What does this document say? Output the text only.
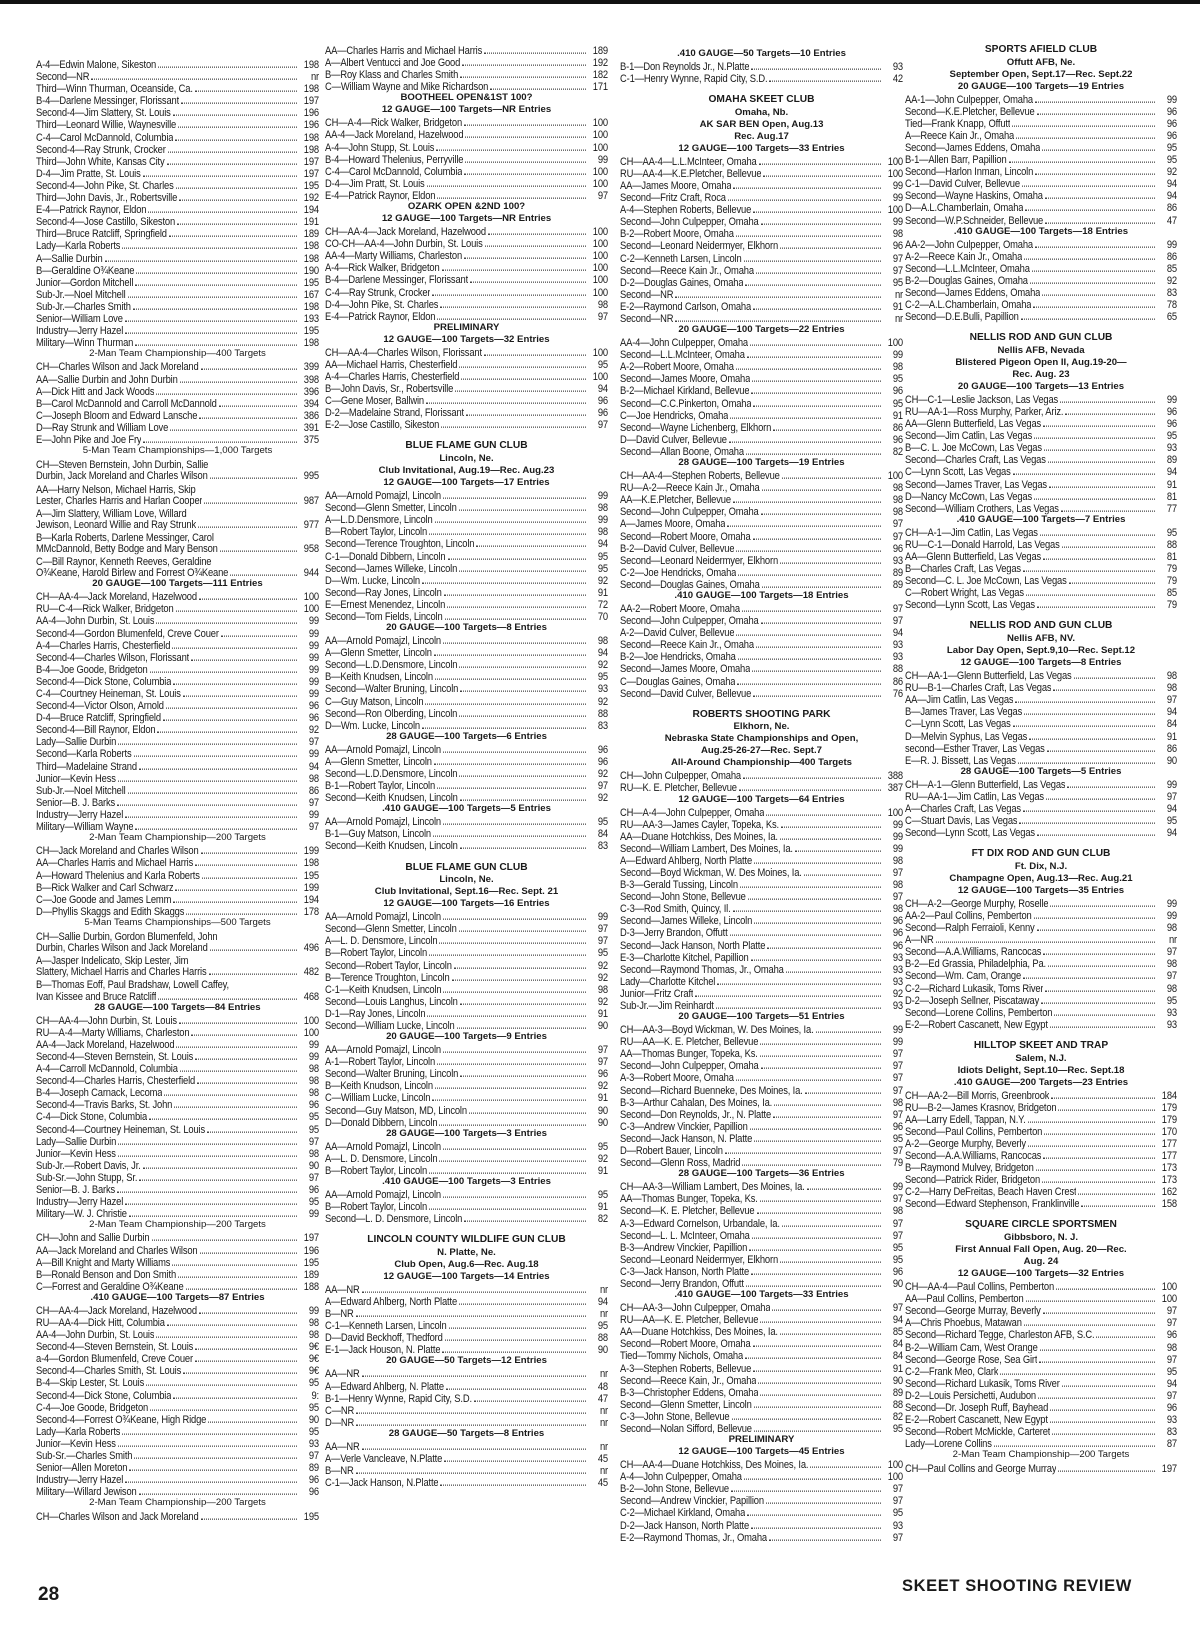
A-4—Edwin Malone, Sikeston	198
Second—NR	nr
Third—Winn Thurman, Oceanside, Ca.	198
B-4—Darlene Messinger, Florissant	197
Second-4—Jim Slattery, St. Louis	196
Third—Leonard Willie, Waynesville	196
C-4—Carol McDannold, Columbia	198
Second-4—Ray Strunk, Crocker	198
Third—John White, Kansas City	197
D-4—Jim Pratte, St. Louis	197
Second-4—John Pike, St. Charles	195
Third—John Davis, Jr., Robertsville	192
E-4—Patrick Raynor, Eldon	194
Second-4—Jose Castillo, Sikeston	191
Third—Bruce Ratcliff, Springfield	189
Lady—Karla Roberts	198
A—Sallie Durbin	198
B—Geraldine O¾Keane	190
Junior—Gordon Mitchell	195
Sub-Jr.—Noel Mitchell	167
Sub-Jr.—Charles Smith	198
Senior—William Love	193
Industry—Jerry Hazel	195
Military—Winn Thurman	198
2-Man Team Championship—400 Targets
CH—Charles Wilson and Jack Moreland	399
AA—Sallie Durbin and John Durbin	398
A—Dick Hitt and Jack Woods	396
B—Carol McDannold and Carroll McDannold	394
C—Joseph Bloom and Edward Lansche	386
D—Ray Strunk and William Love	391
E—John Pike and Joe Fry	375
5-Man Team Championships—1,000 Targets
CH—Steven Bernstein, John Durbin, Sallie
Durbin, Jack Moreland and Charles Wilson	995
AA—Harry Nelson, Michael Harris, Skip
Lester, Charles Harris and Harlan Cooper	987
A—Jim Slattery, William Love, Willard
Jewison, Leonard Willie and Ray Strunk	977
B—Karla Roberts, Darlene Messinger, Carol
MMcDannold, Betty Bodge and Mary Benson	958
C—Bill Raynor, Kenneth Reeves, Geraldine
O¾Keane, Harold Birlew and Forrest O¾Keane	944
20 GAUGE—100 Targets—111 Entries
CH—AA-4—Jack Moreland, Hazelwood	100
RU—C-4—Rick Walker, Bridgeton	100
AA-4—John Durbin, St. Louis	99
Second-4—Gordon Blumenfeld, Creve Couer	99
A-4—Charles Harris, Chesterfield	99
Second-4—Charles Wilson, Florissant	99
B-4—Joe Goode, Bridgeton	99
Second-4—Dick Stone, Columbia	99
C-4—Courtney Heineman, St. Louis	99
Second-4—Victor Olson, Arnold	96
D-4—Bruce Ratcliff, Springfield	96
Second-4—Bill Raynor, Eldon	92
Lady—Sallie Durbin	97
Second—Karla Roberts	99
Third—Madelaine Strand	94
Junior—Kevin Hess	98
Sub-Jr.—Noel Mitchell	86
Senior—B. J. Barks	97
Industry—Jerry Hazel	99
Military—William Wayne	97
2-Man Team Championship—200 Targets
CH—Jack Moreland and Charles Wilson	199
AA—Charles Harris and Michael Harris	198
A—Howard Thelenius and Karla Roberts	195
B—Rick Walker and Carl Schwarz	199
C—Joe Goode and James Lemm	194
D—Phyllis Skaggs and Edith Skaggs	178
5-Man Teams Championships—500 Targets
CH—Sallie Durbin, Gordon Blumenfeld, John
Durbin, Charles Wilson and Jack Moreland	496
A—Jasper Indelicato, Skip Lester, Jim
Slattery, Michael Harris and Charles Harris	482
B—Thomas Eoff, Paul Bradshaw, Lowell Caffey,
Ivan Kissee and Bruce Ratcliff	468
28 GAUGE—100 Targets—84 Entries
CH—AA-4—John Durbin, St. Louis	100
RU—A-4—Marty Williams, Charleston	100
AA-4—Jack Moreland, Hazelwood	99
Second-4—Steven Bernstein, St. Louis	99
A-4—Carroll McDannold, Columbia	98
Second-4—Charles Harris, Chesterfield	98
B-4—Joseph Carnack, Lecoma	98
Second-4—Travis Barks, St. John	96
C-4—Dick Stone, Columbia	95
Second-4—Courtney Heineman, St. Louis	95
Lady—Sallie Durbin	97
Junior—Kevin Hess	98
Sub-Jr.—Robert Davis, Jr.	90
Sub-Sr.—John Stupp, Sr.	97
Senior—B. J. Barks	96
Industry—Jerry Hazel	95
Military—W. J. Christie	99
2-Man Team Championship—200 Targets
CH—John and Sallie Durbin	197
AA—Jack Moreland and Charles Wilson	196
A—Bill Knight and Marty Williams	195
B—Ronald Benson and Don Smith	189
C—Forrest and Geraldine O¾Keane	188
.410 GAUGE—100 Targets—87 Entries
CH—AA-4—Jack Moreland, Hazelwood	99
RU—AA-4—Dick Hitt, Columbia	98
AA-4—John Durbin, St. Louis	98
Second-4—Steven Bernstein, St. Louis	9€
a-4—Gordon Blumenfeld, Creve Couer	9€
Second-4—Charles Smith, St. Louis	9€
B-4—Skip Lester, St. Louis	95
Second-4—Dick Stone, Columbia	9:
C-4—Joe Goode, Bridgeton	95
Second-4—Forrest O¾Keane, High Ridge	90
Lady—Karla Roberts	95
Junior—Kevin Hess	93
Sub-Sr.—Charles Smith	97
Senior—Allen Moreton	89
Industry—Jerry Hazel	96
Military—Willard Jewison	96
2-Man Team Championship—200 Targets
CH—Charles Wilson and Jack Moreland	195
AA—Charles Harris and Michael Harris	189
A—Albert Ventucci and Joe Good	192
B—Roy Klass and Charles Smith	182
C—William Wayne and Mike Richardson	171
BOOTHEEL OPEN&1ST 100?
12 GAUGE—100 Targets—NR Entries
CH—A-4—Rick Walker, Bridgeton	100
AA-4—Jack Moreland, Hazelwood	100
A-4—John Stupp, St. Louis	100
B-4—Howard Thelenius, Perryville	99
C-4—Carol McDannold, Columbia	100
D-4—Jim Pratt, St. Louis	100
E-4—Patrick Raynor, Eldon	97
OZARK OPEN &2ND 100?
12 GAUGE—100 Targets—NR Entries
CH—AA-4—Jack Moreland, Hazelwood	100
CO-CH—AA-4—John Durbin, St. Louis	100
AA-4—Marty Williams, Charleston	100
A-4—Rick Walker, Bridgeton	100
B-4—Darlene Messinger, Florissant	100
C-4—Ray Strunk, Crocker	100
D-4—John Pike, St. Charles	98
E-4—Patrick Raynor, Eldon	97
PRELIMINARY
12 GAUGE—100 Targets—32 Entries
CH—AA-4—Charles Wilson, Florissant	100
AA—Michael Harris, Chesterfield	95
A-4—Charles Harris, Chesterfield	100
B—John Davis, Sr., Robertsville	94
C—Gene Moser, Ballwin	96
D-2—Madelaine Strand, Florissant	96
E-2—Jose Castillo, Sikeston	97
BLUE FLAME GUN CLUB
Lincoln, Ne.
Club Invitational, Aug.19—Rec. Aug.23
12 GAUGE—100 Targets—17 Entries
AA—Arnold Pomajzl, Lincoln	99
Second—Glenn Smetter, Lincoln	98
A—L.D.Densmore, Lincoln	99
B—Robert Taylor, Lincoln	98
Second—Terence Troughton, Lincoln	94
C-1—Donald Dibbern, Lincoln	95
Second—James Willeke, Lincoln	95
D—Wm. Lucke, Lincoln	92
Second—Ray Jones, Lincoln	91
E—Ernest Menendez, Lincoln	72
Second—Tom Fields, Lincoln	70
20 GAUGE—100 Targets—8 Entries
AA—Arnold Pomajzl, Lincoln	98
A—Glenn Smetter, Lincoln	94
Second—L.D.Densmore, Lincoln	92
B—Keith Knudsen, Lincoln	95
Second—Walter Bruning, Lincoln	93
C—Guy Matson, Lincoln	92
Second—Ron Olberding, Lincoln	88
D—Wm. Lucke, Lincoln	83
28 GAUGE—100 Targets—6 Entries
AA—Arnold Pomajzl, Lincoln	96
A—Glenn Smetter, Lincoln	96
Second—L.D.Densmore, Lincoln	92
B-1—Robert Taylor, Lincoln	97
Second—Keith Knudsen, Lincoln	92
.410 GAUGE—100 Targets—5 Entries
AA—Arnold Pomajzl, Lincoln	95
B-1—Guy Matson, Lincoln	84
Second—Keith Knudsen, Lincoln	83
BLUE FLAME GUN CLUB
Lincoln, Ne.
Club Invitational, Sept.16—Rec. Sept. 21
12 GAUGE—100 Targets—16 Entries
AA—Arnold Pomajzl, Lincoln	99
Second—Glenn Smetter, Lincoln	97
A—L. D. Densmore, Lincoln	97
B—Robert Taylor, Lincoln	95
Second—Robert Taylor, Lincoln	92
B—Terence Troughton, Lincoln	92
C-1—Keith Knudsen, Lincoln	98
Second—Louis Langhus, Lincoln	92
D-1—Ray Jones, Lincoln	91
Second—William Lucke, Lincoln	90
20 GAUGE—100 Targets—9 Entries
AA—Arnold Pomajzl, Lincoln	97
A-1—Robert Taylor, Lincoln	97
Second—Walter Bruning, Lincoln	96
B—Keith Knudson, Lincoln	92
C—William Lucke, Lincoln	91
Second—Guy Matson, MD, Lincoln	90
D—Donald Dibbern, Lincoln	90
28 GAUGE—100 Targets—3 Entries
AA—Arnold Pomajzl, Lincoln	95
A—L. D. Densmore, Lincoln	92
B—Robert Taylor, Lincoln	91
.410 GAUGE—100 Targets—3 Entries
AA—Arnold Pomajzl, Lincoln	95
B—Robert Taylor, Lincoln	91
Second—L. D. Densmore, Lincoln	82
LINCOLN COUNTY WILDLIFE GUN CLUB
N. Platte, Ne.
Club Open, Aug.6—Rec. Aug.18
12 GAUGE—100 Targets—14 Entries
AA—NR	nr
A—Edward Ahlberg, North Platte	94
B—NR	nr
C-1—Kenneth Larsen, Lincoln	95
D—David Beckhoff, Thedford	88
E-1—Jack Houson, N. Platte	90
20 GAUGE—50 Targets—12 Entries
AA—NR	nr
A—Edward Ahlberg, N. Platte	48
B-1—Henry Wynne, Rapid City, S.D.	47
C—NR	nr
D—NR	nr
28 GAUGE—50 Targets—8 Entries
AA—NR	nr
A—Verle Vancleave, N.Platte	45
B—NR	nr
C-1—Jack Hanson, N.Platte	45
.410 GAUGE—50 Targets—10 Entries
B-1—Don Reynolds Jr., N.Platte	93
C-1—Henry Wynne, Rapid City, S.D.	42
OMAHA SKEET CLUB
Omaha, Nb.
AK SAR BEN Open, Aug.13
Rec. Aug.17
12 GAUGE—100 Targets—33 Entries
CH—AA-4—L.L.McIntеer, Omaha	100
RU—AA-4—K.E.Pletcher, Bellevue	100
AA—James Moore, Omaha	99
Second—Fritz Craft, Roca	99
A-4—Stephen Roberts, Bellevue	100
Second—John Culpepper, Omaha	99
B-2—Robert Moore, Omaha	98
Second—Leonard Neidermyer, Elkhorn	96
C-2—Kenneth Larsen, Lincoln	97
Second—Reece Kain Jr., Omaha	97
D-2—Douglas Gaines, Omaha	95
Second—NR	nr
E-2—Raymond Carlson, Omaha	91
Second—NR	nr
20 GAUGE—100 Targets—22 Entries
AA-4—John Culpepper, Omaha	100
Second—L.L.McIntеer, Omaha	99
A-2—Robert Moore, Omaha	98
Second—James Moore, Omaha	95
B-2—Michael Kirkland, Bellevue	96
Second—C.C.Pinkerton, Omaha	95
C—Joe Hendricks, Omaha	91
Second—Wayne Lichenberg, Elkhorn	86
D—David Culver, Bellevue	96
Second—Allan Boone, Omaha	82
28 GAUGE—100 Targets—19 Entries
CH—AA-4—Stephen Roberts, Bellevue	100
RU—A-2—Reece Kain Jr., Omaha	98
AA—K.E.Pletcher, Bellevue	98
Second—John Culpepper, Omaha	98
A—James Moore, Omaha	97
Second—Robert Moore, Omaha	97
B-2—David Culver, Bellevue	96
Second—Leonard Neidermyer, Elkhorn	93
C-2—Joe Hendricks, Omaha	89
Second—Douglas Gaines, Omaha	89
.410 GAUGE—100 Targets—18 Entries
AA-2—Robert Moore, Omaha	97
Second—John Culpepper, Omaha	97
A-2—David Culver, Bellevue	94
Second—Reece Kain Jr., Omaha	93
B-2—Joe Hendricks, Omaha	93
Second—James Moore, Omaha	88
C—Douglas Gaines, Omaha	86
Second—David Culver, Bellevue	76
ROBERTS SHOOTING PARK
Elkhorn, Ne.
Nebraska State Championships and Open,
Aug.25-26-27—Rec. Sept.7
All-Around Championship—400 Targets
CH—John Culpepper, Omaha	388
RU—K. E. Pletcher, Bellevue	387
12 GAUGE—100 Targets—64 Entries
CH—A-4—John Culpepper, Omaha	100
RU—AA-3—James Cayler, Topeka, Ks.	99
AA—Duane Hotchkiss, Des Moines, Ia.	99
Second—William Lambert, Des Moines, Ia.	99
A—Edward Ahlberg, North Platte	98
Second—Boyd Wickman, W. Des Moines, Ia.	97
B-3—Gerald Tussing, Lincoln	98
Second—John Stone, Bellevue	97
C-3—Rod Smith, Quincy, Il.	98
Second—James Willeke, Lincoln	96
D-3—Jerry Brandon, Offutt	96
Second—Jack Hanson, North Platte	96
E-3—Charlotte Kitchel, Papillion	93
Second—Raymond Thomas, Jr., Omaha	93
Lady—Charlotte Kitchel	93
Junior—Fritz Craft	92
Sub-Jr.—Jim Reinhardt	93
20 GAUGE—100 Targets—51 Entries
CH—AA-3—Boyd Wickman, W. Des Moines, Ia.	99
RU—AA—K. E. Pletcher, Bellevue	99
AA—Thomas Bunger, Topeka, Ks.	97
Second—John Culpepper, Omaha	97
A-3—Robert Moore, Omaha	97
Second—Richard Buenneke, Des Moines, Ia.	97
B-3—Arthur Cahalan, Des Moines, Ia.	98
Second—Don Reynolds, Jr., N. Platte	97
C-3—Andrew Vinckier, Papillion	96
Second—Jack Hanson, N. Platte	95
D—Robert Bauer, Lincoln	97
Second—Glenn Ross, Madrid	79
28 GAUGE—100 Targets—36 Entries
CH—AA-3—William Lambert, Des Moines, Ia.	99
AA—Thomas Bunger, Topeka, Ks.	97
Second—K. E. Pletcher, Bellevue	98
A-3—Edward Cornelson, Urbandale, Ia.	97
Second—L. L. McIntеer, Omaha	97
B-3—Andrew Vinckier, Papillion	95
Second—Leonard Neidermyer, Elkhorn	95
C-3—Jack Hanson, North Platte	96
Second—Jerry Brandon, Offutt	90
.410 GAUGE—100 Targets—33 Entries
CH—AA-3—John Culpepper, Omaha	97
RU—AA—K. E. Pletcher, Bellevue	94
AA—Duane Hotchkiss, Des Moines, Ia.	85
Second—Robert Moore, Omaha	84
Tied—Tommy Nichols, Omaha	84
A-3—Stephen Roberts, Bellevue	91
Second—Reece Kain, Jr., Omaha	90
B-3—Christopher Eddens, Omaha	89
Second—Glenn Smetter, Lincoln	88
C-3—John Stone, Bellevue	82
Second—Nolan Sifford, Bellevue	95
PRELIMINARY
12 GAUGE—100 Targets—45 Entries
CH—AA-4—Duane Hotchkiss, Des Moines, Ia.	100
A-4—John Culpepper, Omaha	100
B-2—John Stone, Bellevue	97
Second—Andrew Vinckier, Papillion	97
C-2—Michael Kirkland, Omaha	95
D-2—Jack Hanson, North Platte	93
E-2—Raymond Thomas, Jr., Omaha	97
SPORTS AFIELD CLUB
Offutt AFB, Ne.
September Open, Sept.17—Rec. Sept.22
20 GAUGE—100 Targets—19 Entries
AA-1—John Culpepper, Omaha	99
Second—K.E.Pletcher, Bellevue	96
Tied—Frank Knapp, Offutt	96
A—Reece Kain Jr., Omaha	96
Second—James Eddens, Omaha	95
B-1—Allen Barr, Papillion	95
Second—Harlon Inman, Lincoln	92
C-1—David Culver, Bellevue	94
Second—Wayne Haskins, Omaha	94
D—A.L.Chamberlain, Omaha	86
Second—W.P.Schneider, Bellevue	47
.410 GAUGE—100 Targets—18 Entries
AA-2—John Culpepper, Omaha	99
A-2—Reece Kain Jr., Omaha	86
Second—L.L.McIntеer, Omaha	85
B-2—Douglas Gaines, Omaha	92
Second—James Eddens, Omaha	83
C-2—A.L.Chamberlain, Omaha	78
Second—D.E.Bulli, Papillion	65
NELLIS ROD AND GUN CLUB
Nellis AFB, Nevada
Blistered Pigeon Open II, Aug.19-20—
Rec. Aug. 23
20 GAUGE—100 Targets—13 Entries
CH—C-1—Leslie Jackson, Las Vegas	99
RU—AA-1—Ross Murphy, Parker, Ariz.	96
AA—Glenn Butterfield, Las Vegas	96
Second—Jim Catlin, Las Vegas	95
B—C. L. Joe McCown, Las Vegas	93
Second—Charles Craft, Las Vegas	89
C—Lynn Scott, Las Vegas	94
Second—James Traver, Las Vegas	91
D—Nancy McCown, Las Vegas	81
Second—William Crothers, Las Vegas	77
.410 GAUGE—100 Targets—7 Entries
CH—A-1—Jim Catlin, Las Vegas	95
RU—C-1—Donald Harrold, Las Vegas	88
AA—Glenn Butterfield, Las Vegas	81
B—Charles Craft, Las Vegas	79
Second—C. L. Joe McCown, Las Vegas	79
C—Robert Wright, Las Vegas	85
Second—Lynn Scott, Las Vegas	79
NELLIS ROD AND GUN CLUB
Nellis AFB, NV.
Labor Day Open, Sept.9,10—Rec. Sept.12
12 GAUGE—100 Targets—8 Entries
CH—AA-1—Glenn Butterfield, Las Vegas	98
RU—B-1—Charles Craft, Las Vegas	98
AA—Jim Catlin, Las Vegas	97
B—James Traver, Las Vegas	94
C—Lynn Scott, Las Vegas	84
D—Melvin Syphus, Las Vegas	91
second—Esther Traver, Las Vegas	86
E—R. J. Bissett, Las Vegas	90
28 GAUGE—100 Targets—5 Entries
CH—A-1—Glenn Butterfield, Las Vegas	99
RU—AA-1—Jim Catlin, Las Vegas	97
A—Charles Craft, Las Vegas	94
C—Stuart Davis, Las Vegas	95
Second—Lynn Scott, Las Vegas	94
FT DIX ROD AND GUN CLUB
Ft. Dix, N.J.
Champagne Open, Aug.13—Rec. Aug.21
12 GAUGE—100 Targets—35 Entries
CH—A-2—George Murphy, Roselle	99
AA-2—Paul Collins, Pemberton	99
Second—Ralph Ferraioli, Kenny	98
A—NR	nr
Second—A.A.Williams, Rancocas	97
B-2—Ed Grassia, Philadelphia, Pa.	98
Second—Wm. Cam, Orange	97
C-2—Richard Lukasik, Toms River	98
D-2—Joseph Sellner, Piscataway	95
Second—Lorene Collins, Pemberton	93
E-2—Robert Cascanett, New Egypt	93
HILLTOP SKEET AND TRAP
Salem, N.J.
Idiots Delight, Sept.10—Rec. Sept.18
.410 GAUGE—200 Targets—23 Entries
CH—AA-2—Bill Morris, Greenbrook	184
RU—B-2—James Krasnov, Bridgeton	179
AA—Larry Edell, Tappan, N.Y.	179
Second—Paul Collins, Pemberton	170
A-2—George Murphy, Beverly	177
Second—A.A.Williams, Rancocas	177
B—Raymond Mulvey, Bridgeton	173
Second—Patrick Rider, Bridgeton	173
C-2—Harry DeFreitas, Beach Haven Crest	162
Second—Edward Stephenson, Franklinville	158
SQUARE CIRCLE SPORTSMEN
Gibbsboro, N. J.
First Annual Fall Open, Aug. 20—Rec.
Aug. 24
12 GAUGE—100 Targets—32 Entries
CH—AA-4—Paul Collins, Pemberton	100
AA—Paul Collins, Pemberton	100
Second—George Murray, Beverly	97
A—Chris Phoebus, Matawan	97
Second—Richard Tegge, Charleston AFB, S.C.	96
B-2—William Cam, West Orange	98
Second—George Rose, Sea Girt	97
C-2—Frank Meo, Clark	95
Second—Richard Lukasik, Toms River	94
D-2—Louis Persichetti, Audubon	97
Second—Dr. Joseph Ruff, Bayhead	96
E-2—Robert Cascanett, New Egypt	93
Second—Robert McMickle, Carteret	83
Lady—Lorene Collins	87
2-Man Team Championship—200 Targets
CH—Paul Collins and George Murray	197
28	SKEET SHOOTING REVIEW
